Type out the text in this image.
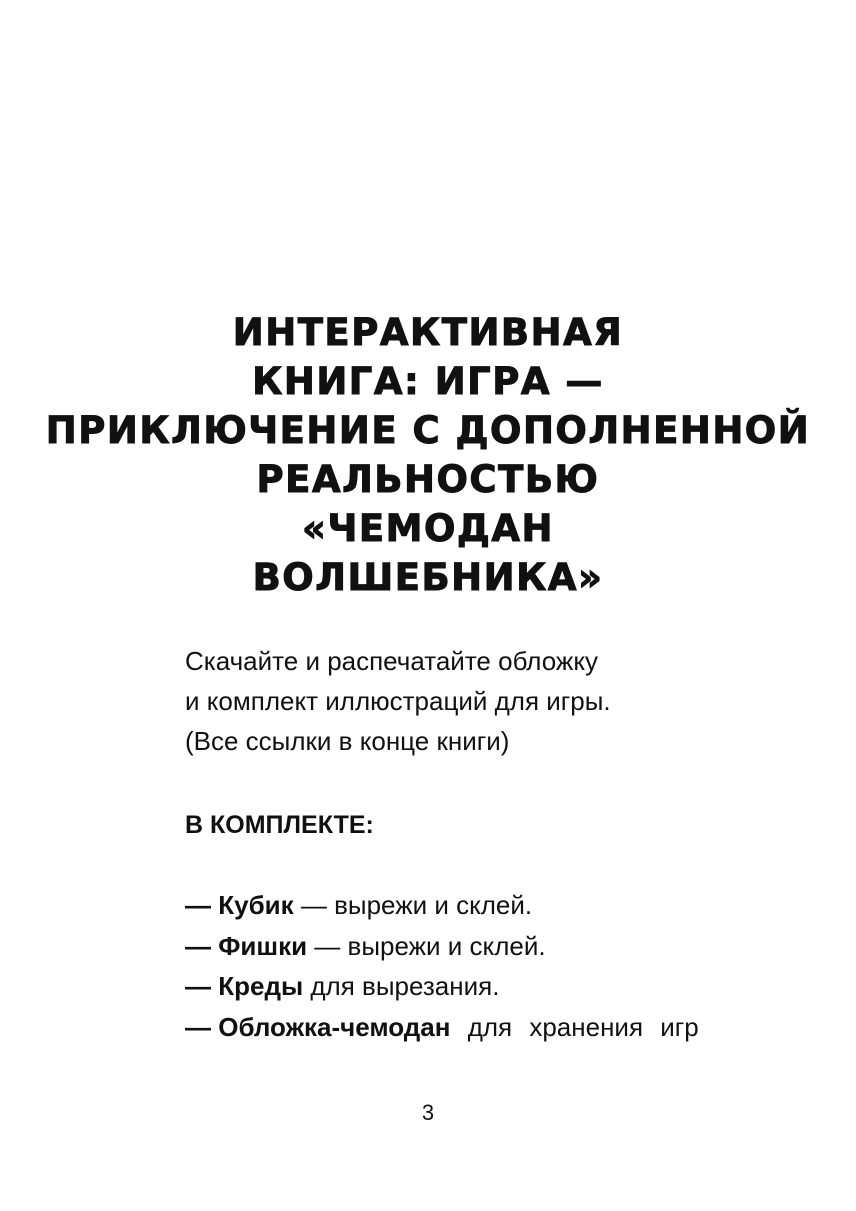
ИНТЕРАКТИВНАЯ
КНИГА: ИГРА —
ПРИКЛЮЧЕНИЕ С ДОПОЛНЕННОЙ
РЕАЛЬНОСТЬЮ
«ЧЕМОДАН
ВОЛШЕБНИКА»

Скачайте и распечатайте обложку
и комплект иллюстраций для игры.
(Все ссылки в конце книги)

В КОМПЛЕКТЕ:
— Кубик — вырежи и склей.
— Фишки — вырежи и склей.
— Креды для вырезания.
— Обложка-чемодан для хранения игр
3
